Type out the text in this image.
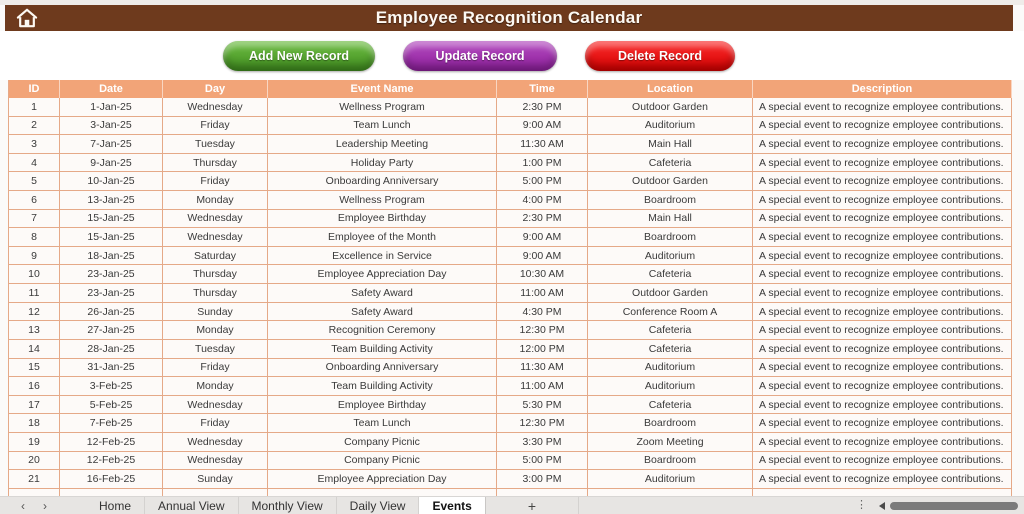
Employee Recognition Calendar
Add New Record	Update Record	Delete Record
ID	Date	Day	Event Name	Time	Location	Description
1	1-Jan-25	Wednesday	Wellness Program	2:30 PM	Outdoor Garden	A special event to recognize employee contributions.
2	3-Jan-25	Friday	Team Lunch	9:00 AM	Auditorium	A special event to recognize employee contributions.
3	7-Jan-25	Tuesday	Leadership Meeting	11:30 AM	Main Hall	A special event to recognize employee contributions.
4	9-Jan-25	Thursday	Holiday Party	1:00 PM	Cafeteria	A special event to recognize employee contributions.
5	10-Jan-25	Friday	Onboarding Anniversary	5:00 PM	Outdoor Garden	A special event to recognize employee contributions.
6	13-Jan-25	Monday	Wellness Program	4:00 PM	Boardroom	A special event to recognize employee contributions.
7	15-Jan-25	Wednesday	Employee Birthday	2:30 PM	Main Hall	A special event to recognize employee contributions.
8	15-Jan-25	Wednesday	Employee of the Month	9:00 AM	Boardroom	A special event to recognize employee contributions.
9	18-Jan-25	Saturday	Excellence in Service	9:00 AM	Auditorium	A special event to recognize employee contributions.
10	23-Jan-25	Thursday	Employee Appreciation Day	10:30 AM	Cafeteria	A special event to recognize employee contributions.
11	23-Jan-25	Thursday	Safety Award	11:00 AM	Outdoor Garden	A special event to recognize employee contributions.
12	26-Jan-25	Sunday	Safety Award	4:30 PM	Conference Room A	A special event to recognize employee contributions.
13	27-Jan-25	Monday	Recognition Ceremony	12:30 PM	Cafeteria	A special event to recognize employee contributions.
14	28-Jan-25	Tuesday	Team Building Activity	12:00 PM	Cafeteria	A special event to recognize employee contributions.
15	31-Jan-25	Friday	Onboarding Anniversary	11:30 AM	Auditorium	A special event to recognize employee contributions.
16	3-Feb-25	Monday	Team Building Activity	11:00 AM	Auditorium	A special event to recognize employee contributions.
17	5-Feb-25	Wednesday	Employee Birthday	5:30 PM	Cafeteria	A special event to recognize employee contributions.
18	7-Feb-25	Friday	Team Lunch	12:30 PM	Boardroom	A special event to recognize employee contributions.
19	12-Feb-25	Wednesday	Company Picnic	3:30 PM	Zoom Meeting	A special event to recognize employee contributions.
20	12-Feb-25	Wednesday	Company Picnic	5:00 PM	Boardroom	A special event to recognize employee contributions.
21	16-Feb-25	Sunday	Employee Appreciation Day	3:00 PM	Auditorium	A special event to recognize employee contributions.
‹	›	Home	Annual View	Monthly View	Daily View	Events	+	⋮
